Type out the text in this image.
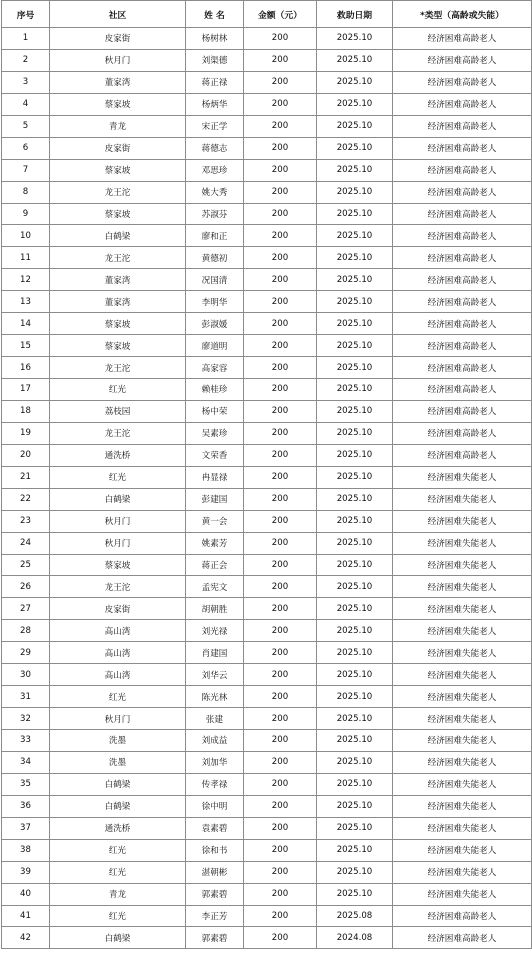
序号	社区	姓 名	金额（元）	救助日期	*类型（高龄或失能）
1	皮家街	杨树林	200	2025.10	经济困难高龄老人
2	秋月门	刘渠德	200	2025.10	经济困难高龄老人
3	董家湾	蒋正禄	200	2025.10	经济困难高龄老人
4	蔡家坡	杨炳华	200	2025.10	经济困难高龄老人
5	青龙	宋正学	200	2025.10	经济困难高龄老人
6	皮家街	蒋德志	200	2025.10	经济困难高龄老人
7	蔡家坡	邓思珍	200	2025.10	经济困难高龄老人
8	龙王沱	姚大秀	200	2025.10	经济困难高龄老人
9	蔡家坡	苏淑芬	200	2025.10	经济困难高龄老人
10	白鹤梁	廖和正	200	2025.10	经济困难高龄老人
11	龙王沱	黄德初	200	2025.10	经济困难高龄老人
12	董家湾	况国清	200	2025.10	经济困难高龄老人
13	董家湾	李明华	200	2025.10	经济困难高龄老人
14	蔡家坡	彭淑媛	200	2025.10	经济困难高龄老人
15	蔡家坡	廖道明	200	2025.10	经济困难高龄老人
16	龙王沱	高家容	200	2025.10	经济困难高龄老人
17	红光	赖桂珍	200	2025.10	经济困难高龄老人
18	荔枝园	杨中荣	200	2025.10	经济困难高龄老人
19	龙王沱	吴素珍	200	2025.10	经济困难高龄老人
20	通洗桥	文荣香	200	2025.10	经济困难高龄老人
21	红光	冉显禄	200	2025.10	经济困难失能老人
22	白鹤梁	彭建国	200	2025.10	经济困难失能老人
23	秋月门	黄一会	200	2025.10	经济困难失能老人
24	秋月门	姚素芳	200	2025.10	经济困难失能老人
25	蔡家坡	蒋正会	200	2025.10	经济困难失能老人
26	龙王沱	孟宪文	200	2025.10	经济困难失能老人
27	皮家街	胡朝胜	200	2025.10	经济困难失能老人
28	高山湾	刘光禄	200	2025.10	经济困难失能老人
29	高山湾	肖建国	200	2025.10	经济困难失能老人
30	高山湾	刘华云	200	2025.10	经济困难失能老人
31	红光	陈光林	200	2025.10	经济困难失能老人
32	秋月门	张建	200	2025.10	经济困难失能老人
33	洗墨	刘成益	200	2025.10	经济困难失能老人
34	洗墨	刘加华	200	2025.10	经济困难失能老人
35	白鹤梁	传孝禄	200	2025.10	经济困难失能老人
36	白鹤梁	徐中明	200	2025.10	经济困难失能老人
37	通洗桥	袁素碧	200	2025.10	经济困难失能老人
38	红光	徐和书	200	2025.10	经济困难失能老人
39	红光	湛朝彬	200	2025.10	经济困难失能老人
40	青龙	郭素碧	200	2025.10	经济困难失能老人
41	红光	李正芳	200	2025.08	经济困难高龄老人
42	白鹤梁	郭素碧	200	2024.08	经济困难高龄老人
